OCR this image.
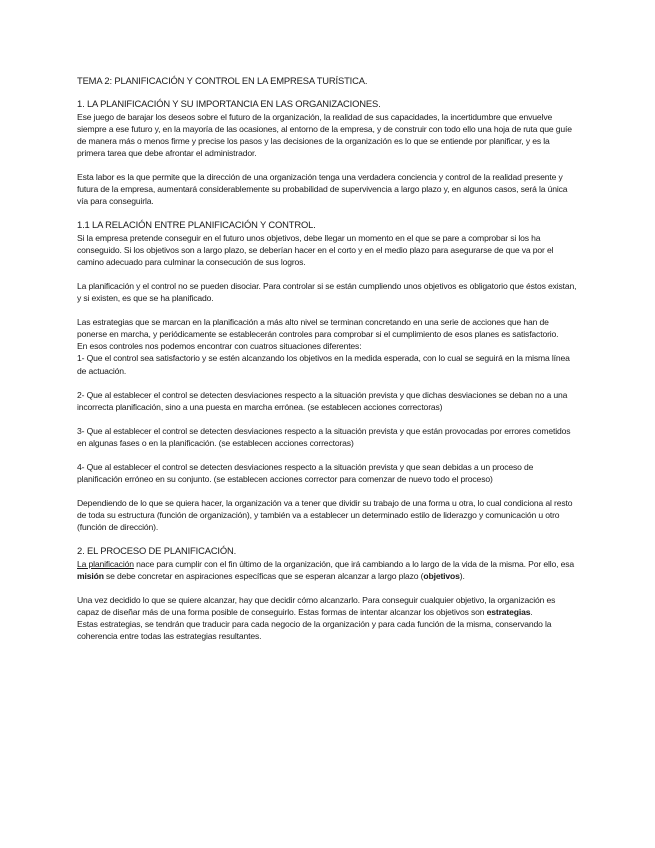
TEMA 2: PLANIFICACIÓN Y CONTROL EN LA EMPRESA TURÍSTICA.

1. LA PLANIFICACIÓN Y SU IMPORTANCIA EN LAS ORGANIZACIONES.

Ese juego de barajar los deseos sobre el futuro de la organización, la realidad de sus capacidades, la incertidumbre que envuelve siempre a ese futuro y, en la mayoría de las ocasiones, al entorno de la empresa, y de construir con todo ello una hoja de ruta que guíe de manera más o menos firme y precise los pasos y las decisiones de la organización es lo que se entiende por planificar, y es la primera tarea que debe afrontar el administrador.

Esta labor es la que permite que la dirección de una organización tenga una verdadera conciencia y control de la realidad presente y futura de la empresa, aumentará considerablemente su probabilidad de supervivencia a largo plazo y, en algunos casos, será la única vía para conseguirla.

1.1 LA RELACIÓN ENTRE PLANIFICACIÓN Y CONTROL.

Si la empresa pretende conseguir en el futuro unos objetivos, debe llegar un momento en el que se pare a comprobar si los ha conseguido. Si los objetivos son a largo plazo, se deberían hacer en el corto y en el medio plazo para asegurarse de que va por el camino adecuado para culminar la consecución de sus logros.

La planificación y el control no se pueden disociar. Para controlar si se están cumpliendo unos objetivos es obligatorio que éstos existan, y si existen, es que se ha planificado.

Las estrategias que se marcan en la planificación a más alto nivel se terminan concretando en una serie de acciones que han de ponerse en marcha, y periódicamente se establecerán controles para comprobar si el cumplimiento de esos planes es satisfactorio.

En esos controles nos podemos encontrar con cuatros situaciones diferentes:

1- Que el control sea satisfactorio y se estén alcanzando los objetivos en la medida esperada, con lo cual se seguirá en la misma línea de actuación.

2- Que al establecer el control se detecten desviaciones respecto a la situación prevista y que dichas desviaciones se deban no a una incorrecta planificación, sino a una puesta en marcha errónea. (se establecen acciones correctoras)

3- Que al establecer el control se detecten desviaciones respecto a la situación prevista y que están provocadas por errores cometidos en algunas fases o en la planificación. (se establecen acciones correctoras)

4- Que al establecer el control se detecten desviaciones respecto a la situación prevista y que sean debidas a un proceso de planificación erróneo en su conjunto. (se establecen acciones corrector para comenzar de nuevo todo el proceso)

Dependiendo de lo que se quiera hacer, la organización va a tener que dividir su trabajo de una forma u otra, lo cual condiciona al resto de toda su estructura (función de organización), y también va a establecer un determinado estilo de liderazgo y comunicación u otro (función de dirección).

2. EL PROCESO DE PLANIFICACIÓN.

La planificación nace para cumplir con el fin último de la organización, que irá cambiando a lo largo de la vida de la misma. Por ello, esa misión se debe concretar en aspiraciones específicas que se esperan alcanzar a largo plazo (objetivos).

Una vez decidido lo que se quiere alcanzar, hay que decidir cómo alcanzarlo. Para conseguir cualquier objetivo, la organización es capaz de diseñar más de una forma posible de conseguirlo. Estas formas de intentar alcanzar los objetivos son estrategias.

Estas estrategias, se tendrán que traducir para cada negocio de la organización y para cada función de la misma, conservando la coherencia entre todas las estrategias resultantes.
